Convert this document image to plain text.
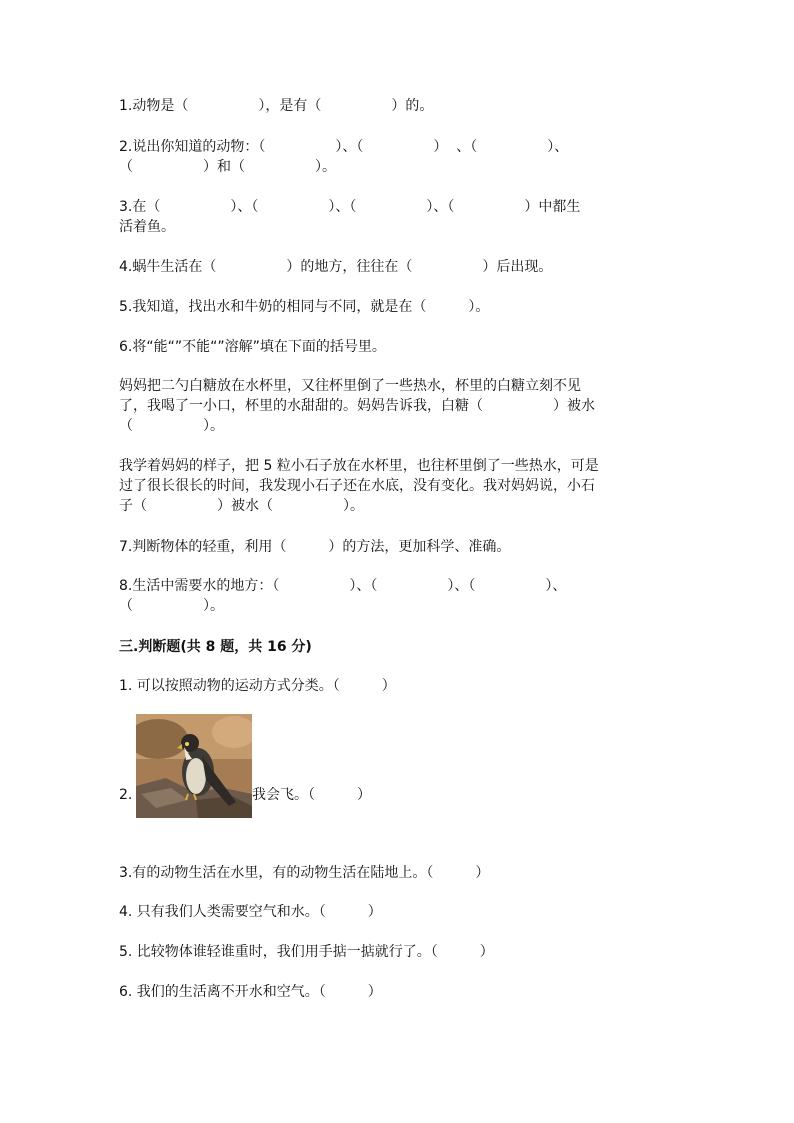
1.动物是（　　　　　），是有（　　　　　）的。

2.说出你知道的动物：（　　　　　）、（　　　　　）  、（　　　　　）、

（　　　　　）和（　　　　　）。

3.在（　　　　　）、（　　　　　）、（　　　　　）、（　　　　　）中都生

活着鱼。

4.蜗牛生活在（　　　　　）的地方，往往在（　　　　　）后出现。

5.我知道，找出水和牛奶的相同与不同，就是在（　　　）。

6.将“能“”不能“”溶解”填在下面的括号里。

妈妈把二勺白糖放在水杯里，又往杯里倒了一些热水，杯里的白糖立刻不见

了，我喝了一小口，杯里的水甜甜的。妈妈告诉我，白糖（　　　　　）被水

（　　　　　）。

我学着妈妈的样子，把 5 粒小石子放在水杯里，也往杯里倒了一些热水，可是

过了很长很长的时间，我发现小石子还在水底，没有变化。我对妈妈说，小石

子（　　　　　）被水（　　　　　）。

7.判断物体的轻重，利用（　　　）的方法，更加科学、准确。

8.生活中需要水的地方：（　　　　　）、（　　　　　）、（　　　　　）、

（　　　　　）。

三.判断题(共 8 题，共 16 分)

1. 可以按照动物的运动方式分类。（　　　）

2.	我会飞。（　　　）

3.有的动物生活在水里，有的动物生活在陆地上。（　　　）

4. 只有我们人类需要空气和水。（　　　）

5. 比较物体谁轻谁重时，我们用手掂一掂就行了。（　　　）

6. 我们的生活离不开水和空气。（　　　）
